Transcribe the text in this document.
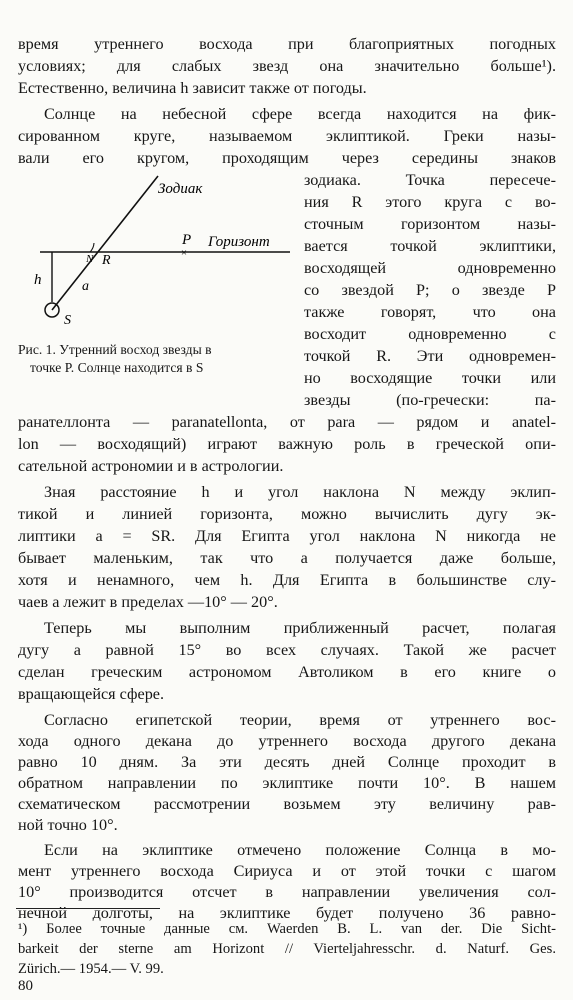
время утреннего восхода при благоприятных погодных
условиях; для слабых звезд она значительно больше¹).
Естественно, величина h зависит также от погоды.
Солнце на небесной сфере всегда находится на фик-
сированном круге, называемом эклиптикой. Греки назы-
вали его кругом, проходящим через середины знаков
×
Зодиак
Горизонт
P
R
N
a
h
S
Рис. 1. Утренний восход звезды в
точке P. Солнце находится в S
зодиака. Точка пересече-
ния R этого круга с во-
сточным горизонтом назы-
вается точкой эклиптики,
восходящей одновременно
со звездой P; о звезде P
также говорят, что она
восходит одновременно с
точкой R. Эти одновремен-
но восходящие точки или
звезды (по-гречески: па-
ранателлонта — paranatellonta, от para — рядом и anatel-
lon — восходящий) играют важную роль в греческой опи-
сательной астрономии и в астрологии.
Зная расстояние h и угол наклона N между эклип-
тикой и линией горизонта, можно вычислить дугу эк-
липтики a = SR. Для Египта угол наклона N никогда не
бывает маленьким, так что a получается даже больше,
хотя и ненамного, чем h. Для Египта в большинстве слу-
чаев a лежит в пределах —10° — 20°.
Теперь мы выполним приближенный расчет, полагая
дугу a равной 15° во всех случаях. Такой же расчет
сделан греческим астрономом Автоликом в его книге о
вращающейся сфере.
Согласно египетской теории, время от утреннего вос-
хода одного декана до утреннего восхода другого декана
равно 10 дням. За эти десять дней Солнце проходит в
обратном направлении по эклиптике почти 10°. В нашем
схематическом рассмотрении возьмем эту величину рав-
ной точно 10°.
Если на эклиптике отмечено положение Солнца в мо-
мент утреннего восхода Сириуса и от этой точки с шагом
¹) Более точные данные см. Waerden B. L. van der. Die Sicht-
barkeit der sterne am Horizont // Vierteljahresschr. d. Naturf. Ges.
Zürich.— 1954.— V. 99.
80
10° производится отсчет в направлении увеличения сол-
нечной долготы, на эклиптике будет получено 36 равно-
